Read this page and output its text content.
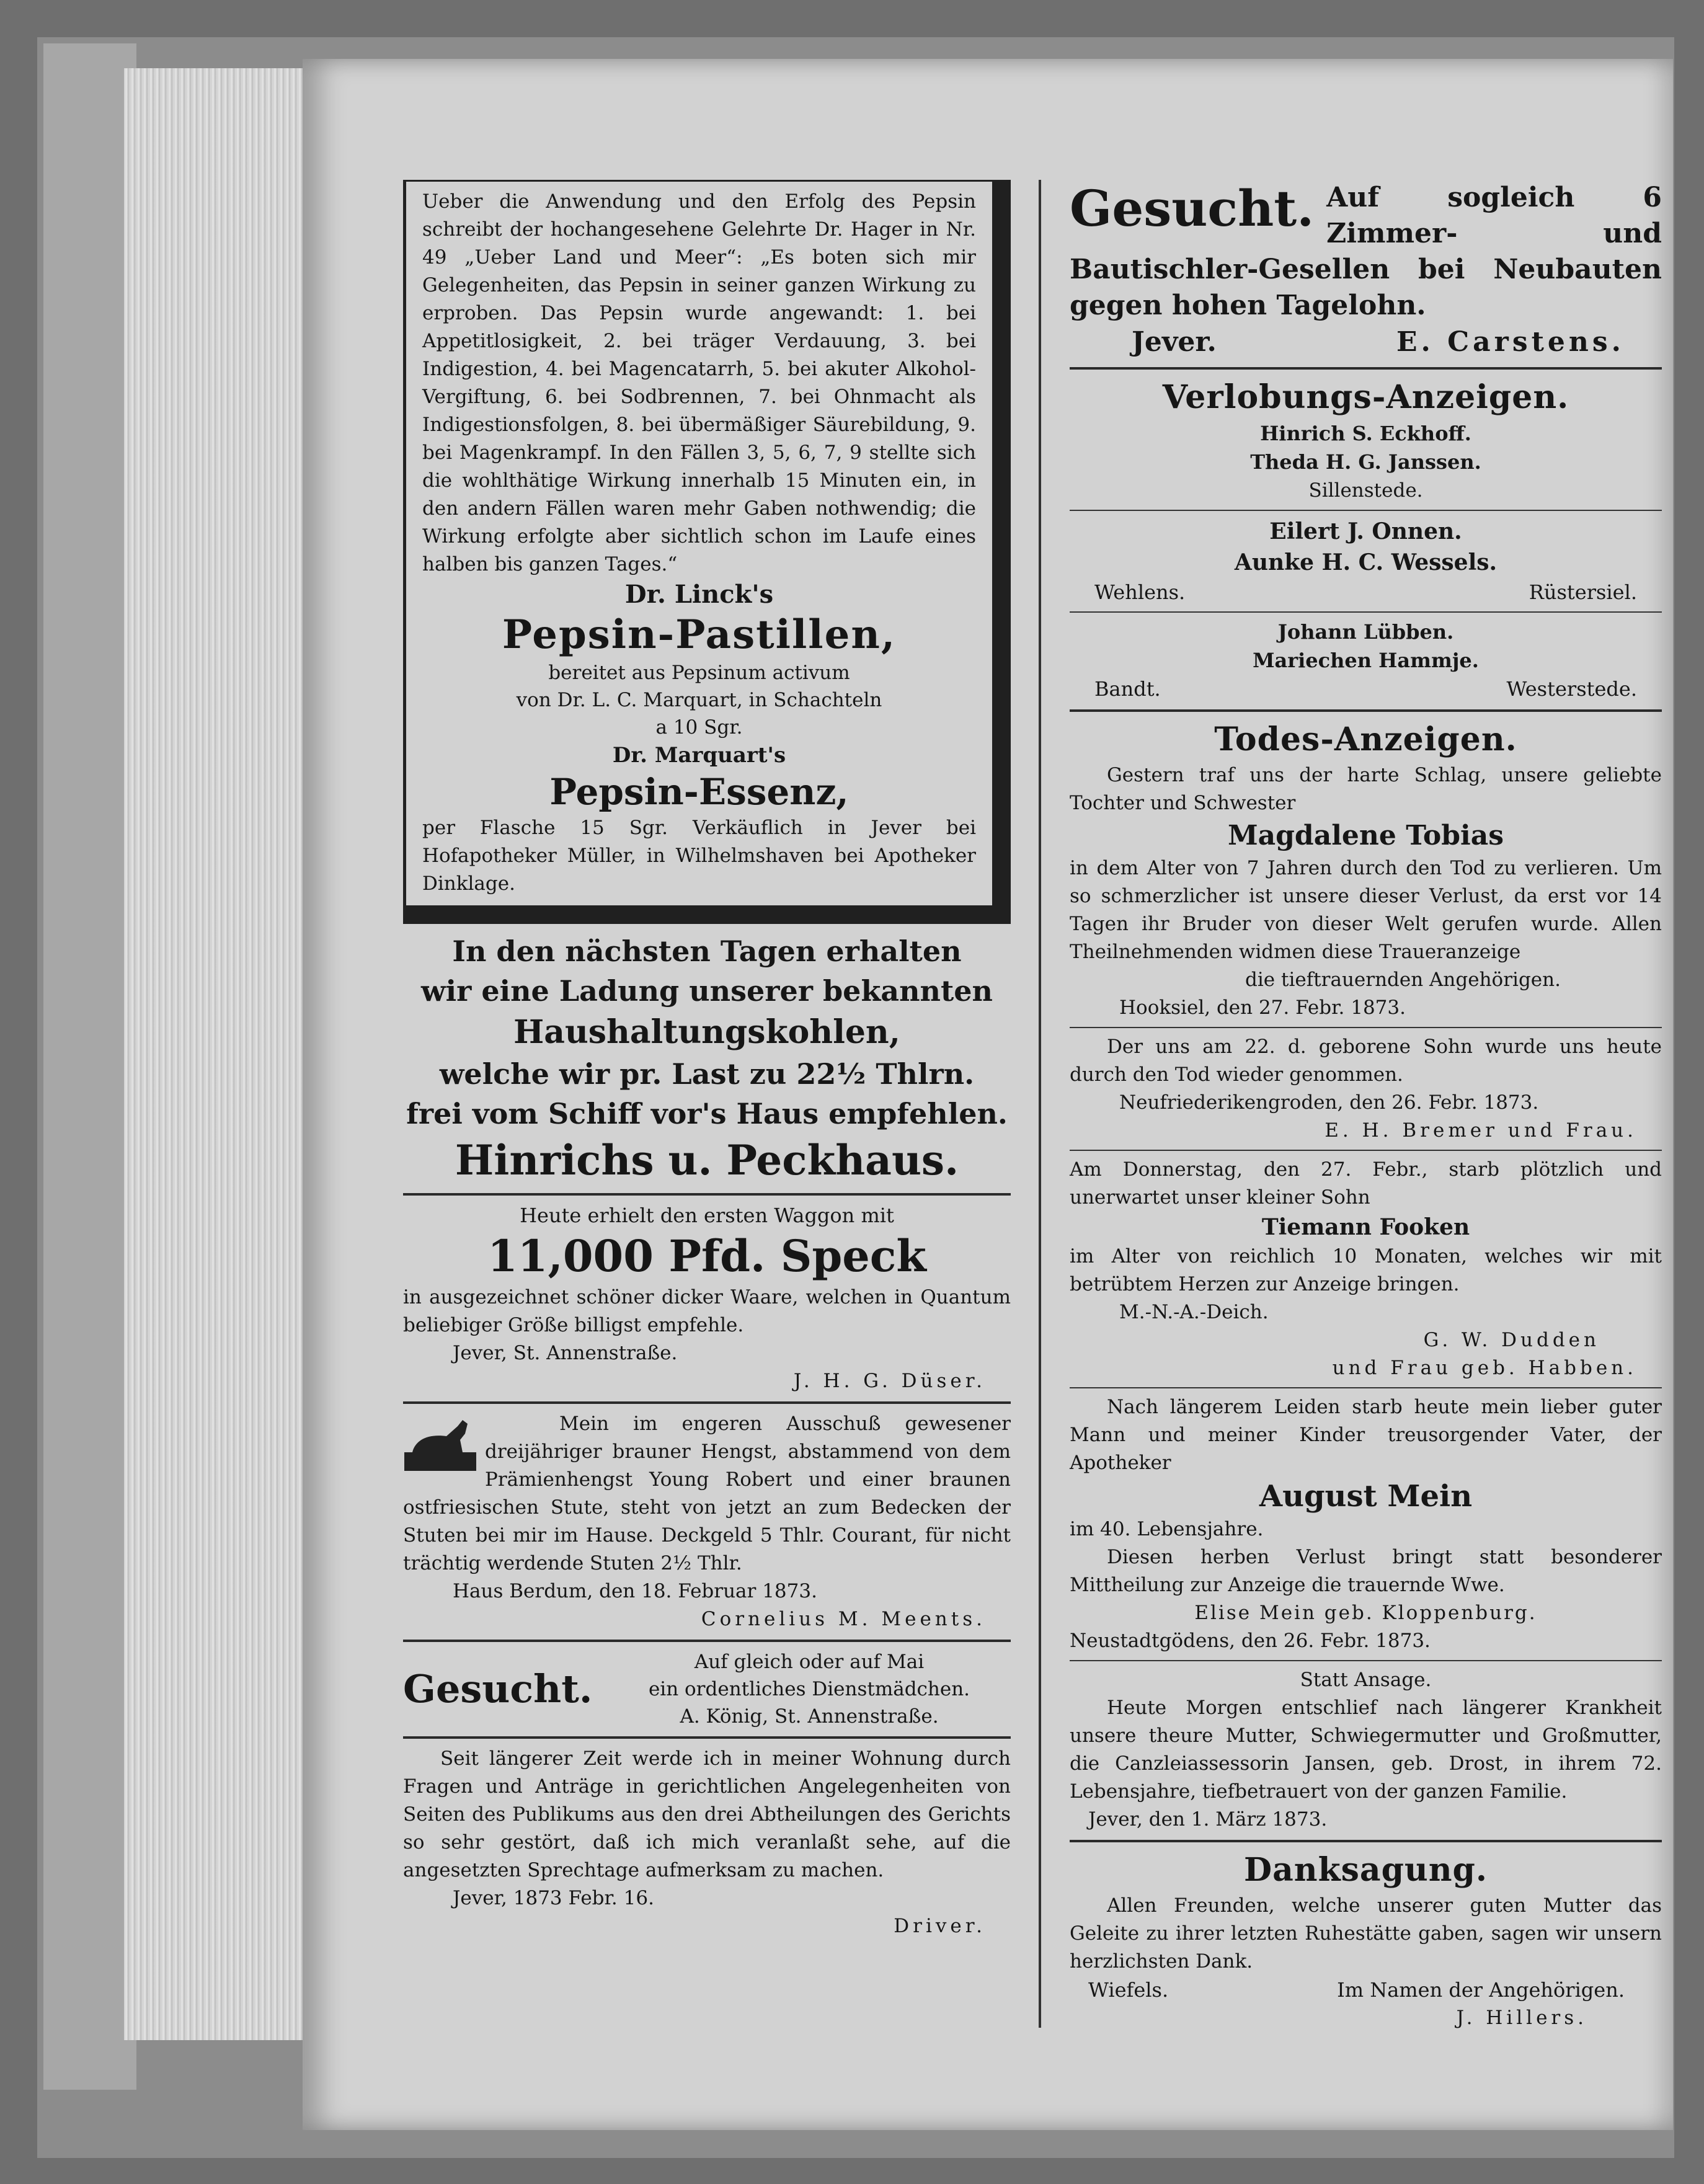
Ueber die Anwendung und den Erfolg des Pepsin schreibt der hochangesehene Gelehrte Dr. Hager in Nr. 49 „Ueber Land und Meer“: „Es boten sich mir Gelegenheiten, das Pepsin in seiner ganzen Wirkung zu erproben. Das Pepsin wurde angewandt: 1. bei Appetitlosigkeit, 2. bei träger Verdauung, 3. bei Indigestion, 4. bei Magencatarrh, 5. bei akuter Alkohol-Vergiftung, 6. bei Sodbrennen, 7. bei Ohnmacht als Indigestionsfolgen, 8. bei übermäßiger Säurebildung, 9. bei Magenkrampf. In den Fällen 3, 5, 6, 7, 9 stellte sich die wohlthätige Wirkung innerhalb 15 Minuten ein, in den andern Fällen waren mehr Gaben nothwendig; die Wirkung erfolgte aber sichtlich schon im Laufe eines halben bis ganzen Tages.“

Dr. Linck's

Pepsin-Pastillen,

bereitet aus Pepsinum activum

von Dr. L. C. Marquart, in Schachteln

a 10 Sgr.

Dr. Marquart's

Pepsin-Essenz,

per Flasche 15 Sgr. Verkäuflich in Jever bei Hofapotheker Müller, in Wilhelmshaven bei Apotheker Dinklage.

In den nächsten Tagen erhalten

wir eine Ladung unserer bekannten

Haushaltungskohlen,

welche wir pr. Last zu 22½ Thlrn.

frei vom Schiff vor's Haus empfehlen.

Hinrichs u. Peckhaus.

Heute erhielt den ersten Waggon mit

11,000 Pfd. Speck

in ausgezeichnet schöner dicker Waare, welchen in Quantum beliebiger Größe billigst empfehle.

Jever, St. Annenstraße.

J. H. G. Düser.

Mein im engeren Ausschuß gewesener dreijähriger brauner Hengst, abstammend von dem Prämienhengst Young Robert und einer braunen ostfriesischen Stute, steht von jetzt an zum Bedecken der Stuten bei mir im Hause. Deckgeld 5 Thlr. Courant, für nicht trächtig werdende Stuten 2½ Thlr.

Haus Berdum, den 18. Februar 1873.

Cornelius M. Meents.

Gesucht.

Auf gleich oder auf Mai

ein ordentliches Dienstmädchen.

A. König, St. Annenstraße.

Seit längerer Zeit werde ich in meiner Wohnung durch Fragen und Anträge in gerichtlichen Angelegenheiten von Seiten des Publikums aus den drei Abtheilungen des Gerichts so sehr gestört, daß ich mich veranlaßt sehe, auf die angesetzten Sprechtage aufmerksam zu machen.

Jever, 1873 Febr. 16.

Driver.

Gesucht. Auf sogleich 6 Zimmer- und Bautischler-Gesellen bei Neubauten gegen hohen Tagelohn.

Jever.	E. Carstens.

Verlobungs-Anzeigen.

Hinrich S. Eckhoff.

Theda H. G. Janssen.

Sillenstede.

Eilert J. Onnen.

Aunke H. C. Wessels.

Wehlens.	Rüstersiel.

Johann Lübben.

Mariechen Hammje.

Bandt.	Westerstede.

Todes-Anzeigen.

Gestern traf uns der harte Schlag, unsere geliebte Tochter und Schwester

Magdalene Tobias

in dem Alter von 7 Jahren durch den Tod zu verlieren. Um so schmerzlicher ist unsere dieser Verlust, da erst vor 14 Tagen ihr Bruder von dieser Welt gerufen wurde. Allen Theilnehmenden widmen diese Traueranzeige

die tieftrauernden Angehörigen.

Hooksiel, den 27. Febr. 1873.

Der uns am 22. d. geborene Sohn wurde uns heute durch den Tod wieder genommen.

Neufriederikengroden, den 26. Febr. 1873.

E. H. Bremer und Frau.

Am Donnerstag, den 27. Febr., starb plötzlich und unerwartet unser kleiner Sohn

Tiemann Fooken

im Alter von reichlich 10 Monaten, welches wir mit betrübtem Herzen zur Anzeige bringen.

M.-N.-A.-Deich.

G. W. Dudden

und Frau geb. Habben.

Nach längerem Leiden starb heute mein lieber guter Mann und meiner Kinder treusorgender Vater, der Apotheker

August Mein

im 40. Lebensjahre.

Diesen herben Verlust bringt statt besonderer Mittheilung zur Anzeige die trauernde Wwe.

Elise Mein geb. Kloppenburg.

Neustadtgödens, den 26. Febr. 1873.

Statt Ansage.

Heute Morgen entschlief nach längerer Krankheit unsere theure Mutter, Schwiegermutter und Großmutter, die Canzleiassessorin Jansen, geb. Drost, in ihrem 72. Lebensjahre, tiefbetrauert von der ganzen Familie.

Jever, den 1. März 1873.

Danksagung.

Allen Freunden, welche unserer guten Mutter das Geleite zu ihrer letzten Ruhestätte gaben, sagen wir unsern herzlichsten Dank.

Wiefels.	Im Namen der Angehörigen.

J. Hillers.
